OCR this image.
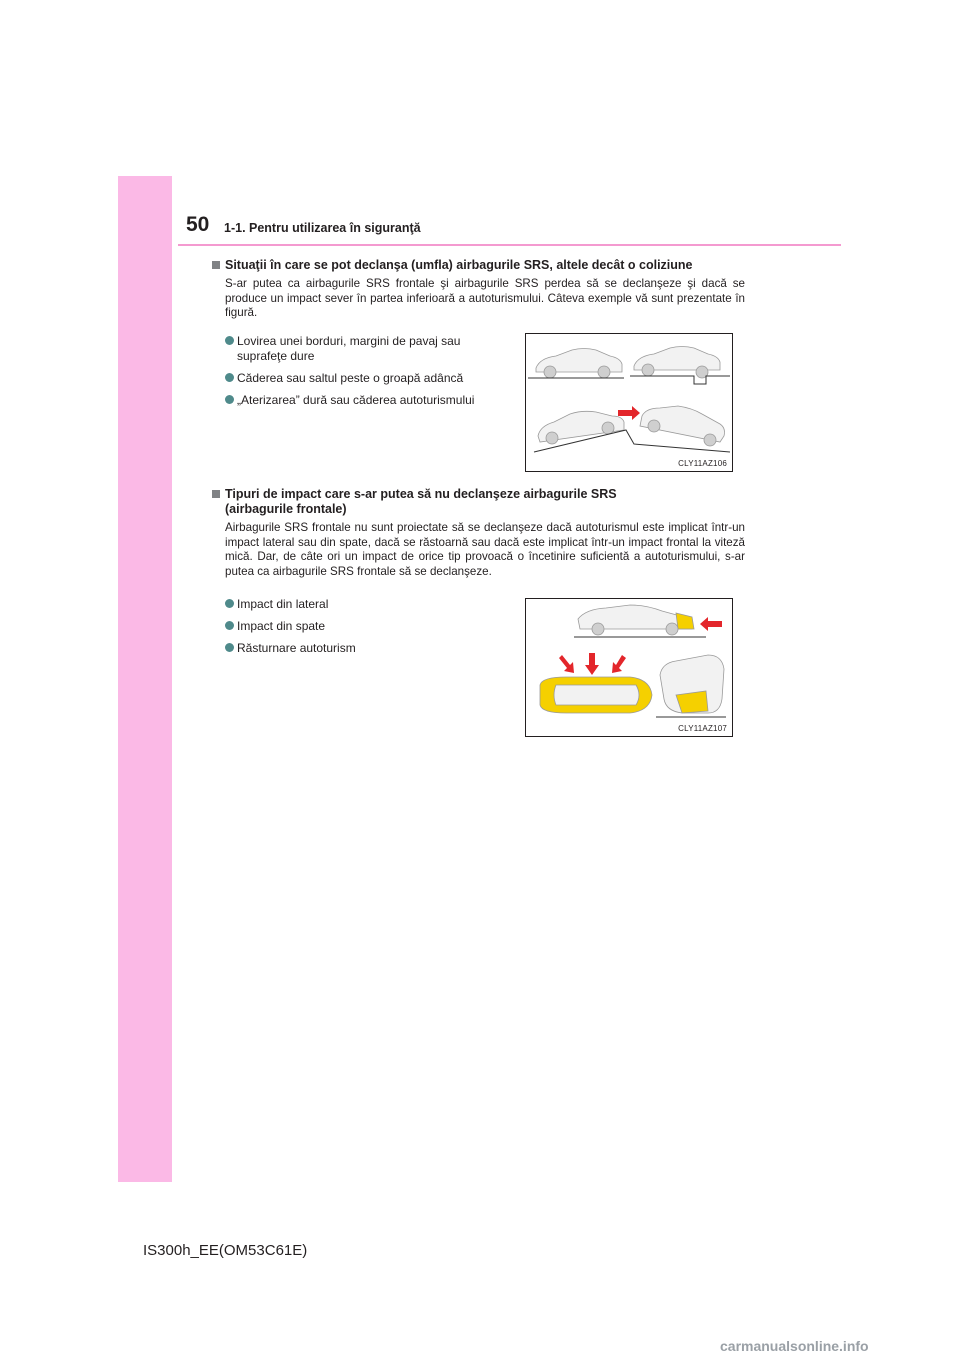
50 1-1. Pentru utilizarea în siguranţă
Situaţii în care se pot declanşa (umfla) airbagurile SRS, altele decât o coliziune
S-ar putea ca airbagurile SRS frontale şi airbagurile SRS perdea să se declanşeze şi dacă se produce un impact sever în partea inferioară a autoturismului. Câteva exemple vă sunt prezentate în figură.
Lovirea unei borduri, margini de pavaj sau suprafeţe dure
Căderea sau saltul peste o groapă adâncă
„Aterizarea” dură sau căderea autoturismului
CLY11AZ106
Tipuri de impact care s-ar putea să nu declanşeze airbagurile SRS
(airbagurile frontale)
Airbagurile SRS frontale nu sunt proiectate să se declanşeze dacă autoturismul este implicat într-un impact lateral sau din spate, dacă se răstoarnă sau dacă este implicat într-un impact frontal la viteză mică. Dar, de câte ori un impact de orice tip provoacă o încetinire suficientă a autoturismului, s-ar putea ca airbagurile SRS frontale să se declanşeze.
Impact din lateral
Impact din spate
Răsturnare autoturism
CLY11AZ107
IS300h_EE(OM53C61E)
carmanualsonline.info
